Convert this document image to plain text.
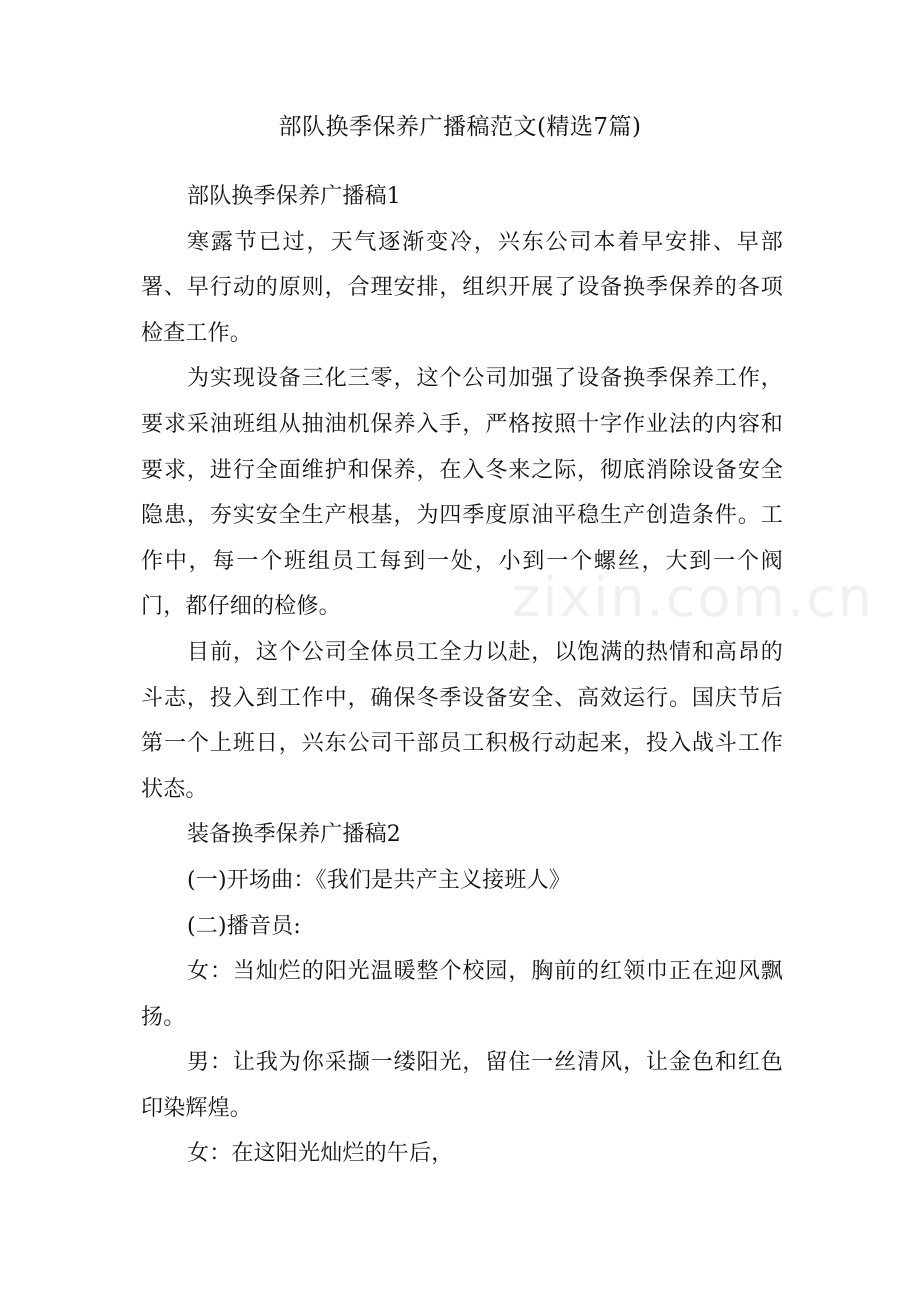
部队换季保养广播稿范文(精选7篇)

部队换季保养广播稿1

寒露节已过，天气逐渐变冷，兴东公司本着早安排、早部署、早行动的原则，合理安排，组织开展了设备换季保养的各项检查工作。

为实现设备三化三零，这个公司加强了设备换季保养工作，要求采油班组从抽油机保养入手，严格按照十字作业法的内容和要求，进行全面维护和保养，在入冬来之际，彻底消除设备安全隐患，夯实安全生产根基，为四季度原油平稳生产创造条件。工作中，每一个班组员工每到一处，小到一个螺丝，大到一个阀门，都仔细的检修。

目前，这个公司全体员工全力以赴，以饱满的热情和高昂的斗志，投入到工作中，确保冬季设备安全、高效运行。国庆节后第一个上班日，兴东公司干部员工积极行动起来，投入战斗工作状态。

装备换季保养广播稿2

(一)开场曲：《我们是共产主义接班人》

(二)播音员:

女：当灿烂的阳光温暖整个校园，胸前的红领巾正在迎风飘扬。

男：让我为你采撷一缕阳光，留住一丝清风，让金色和红色印染辉煌。

女：在这阳光灿烂的午后，

zixin.com.cn
